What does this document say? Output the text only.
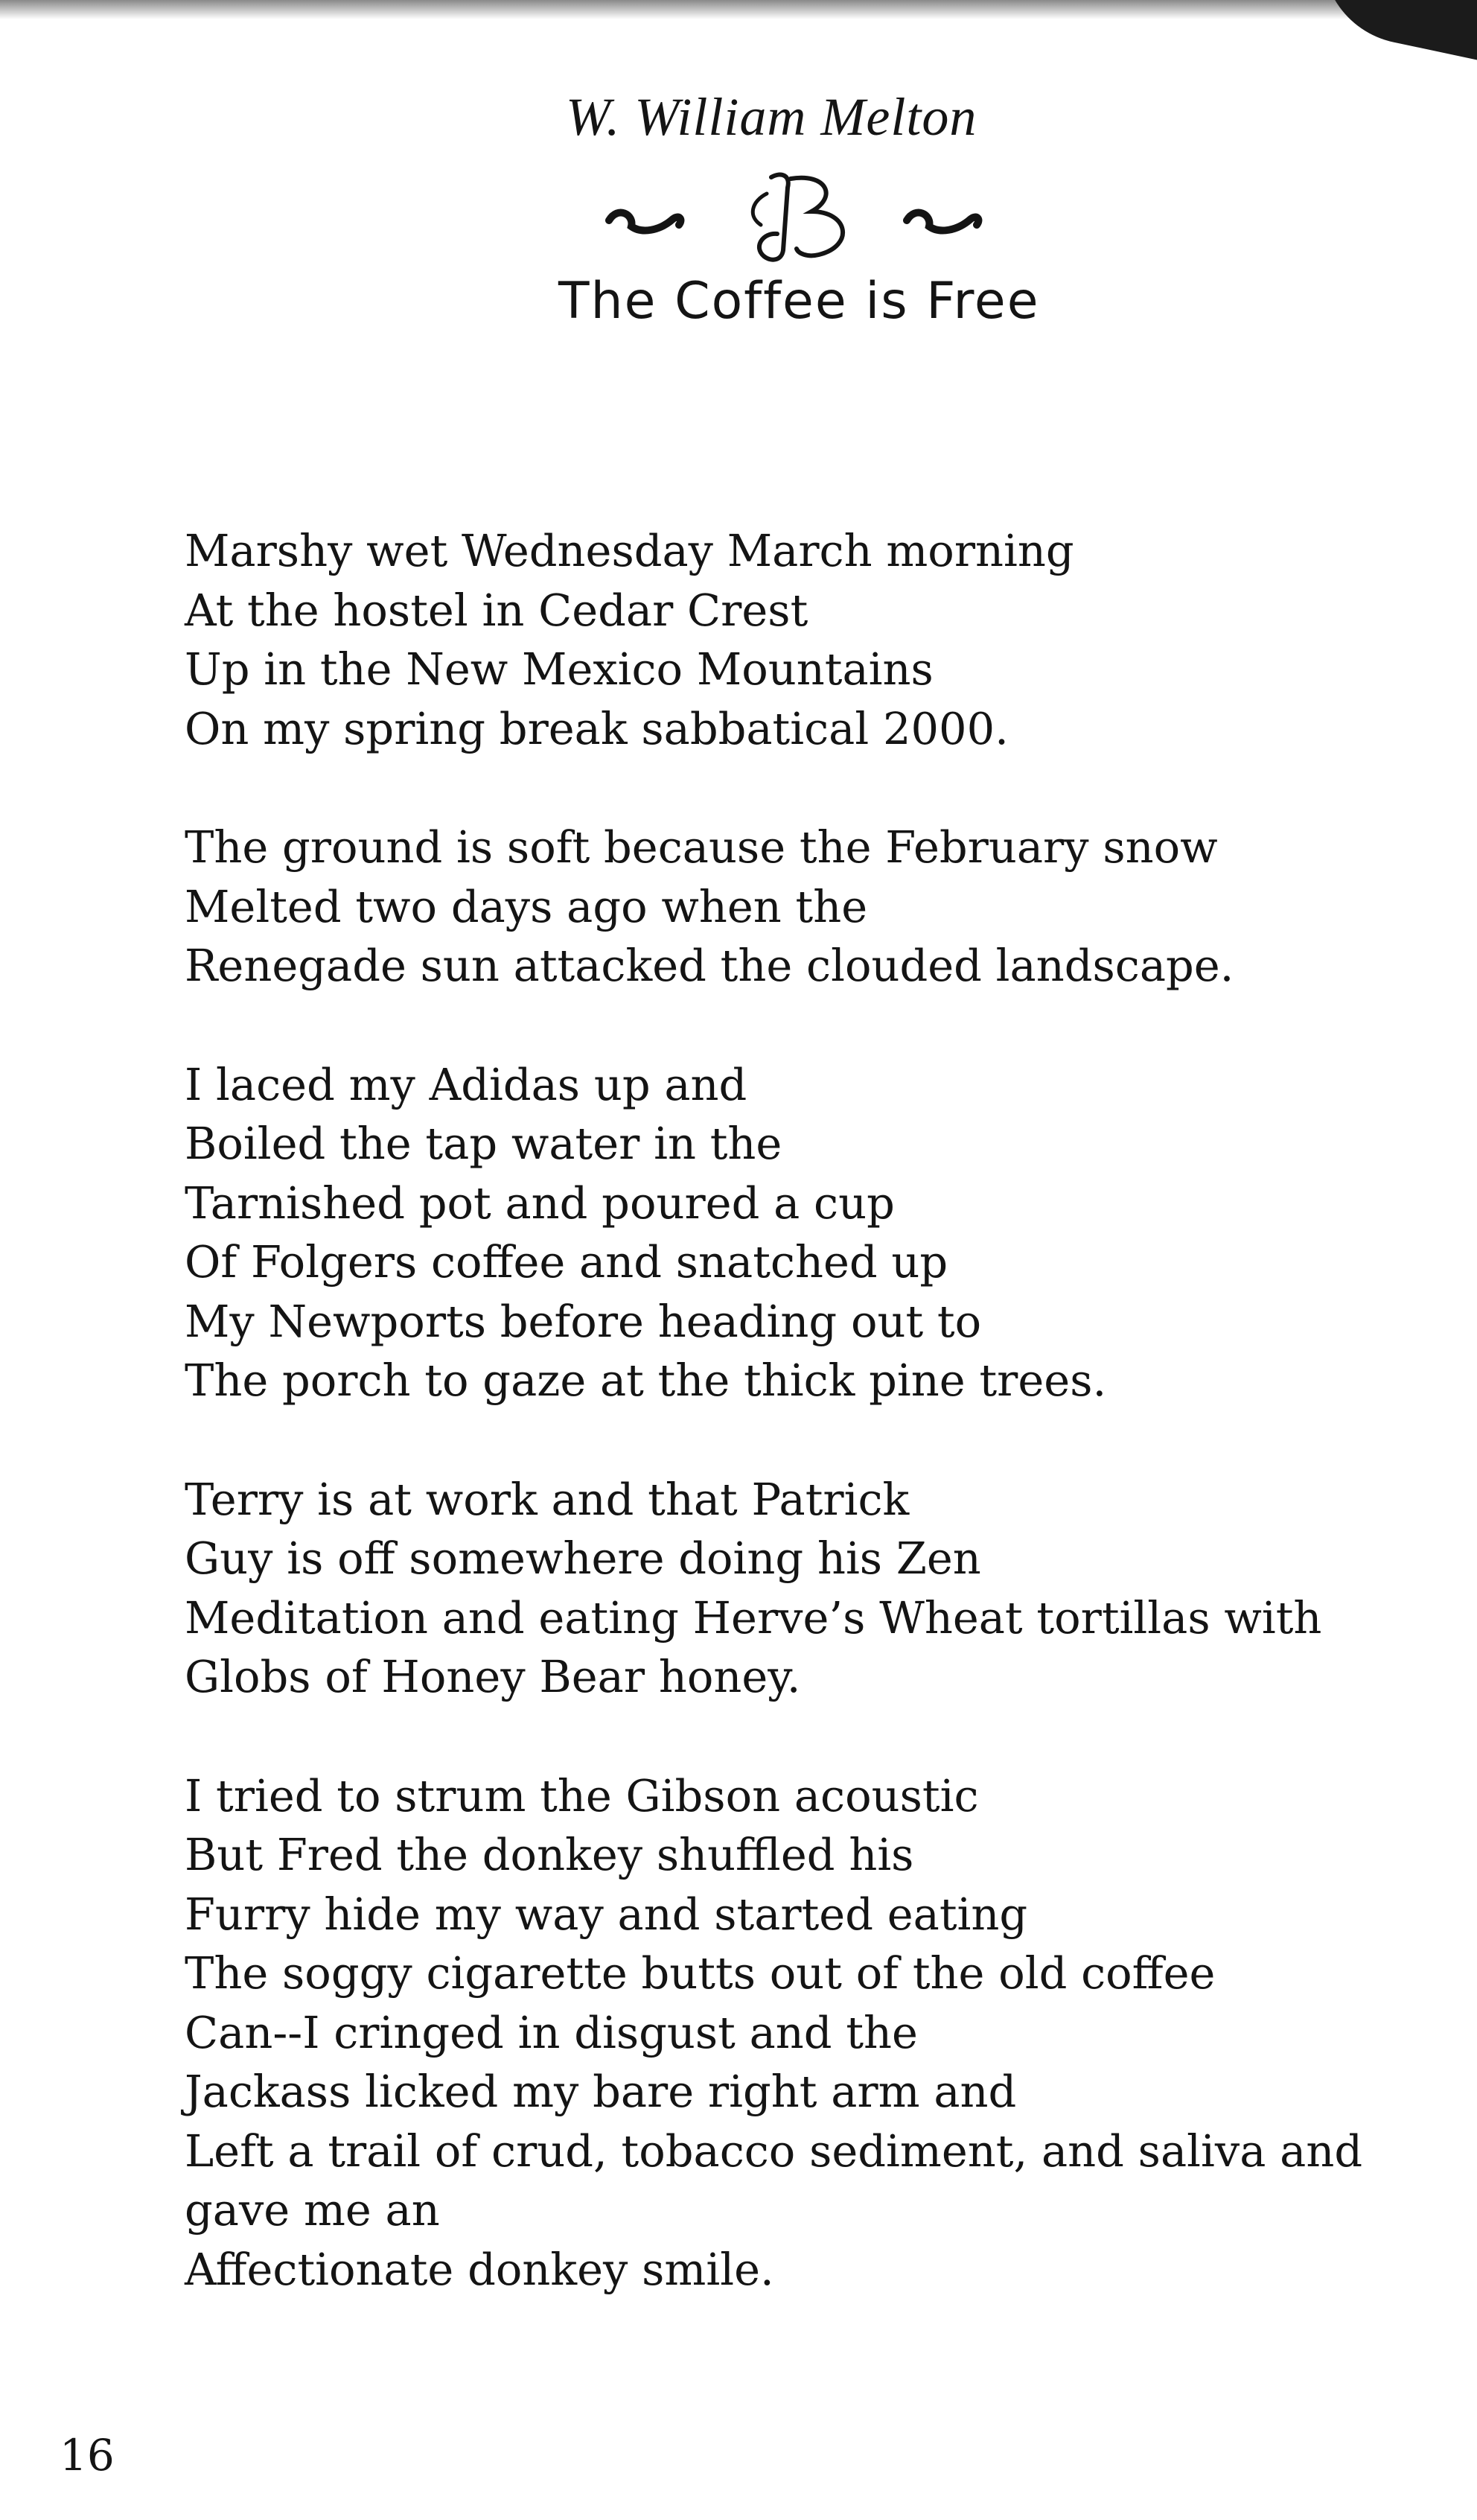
W. William Melton
The Coffee is Free
Marshy wet Wednesday March morning
At the hostel in Cedar Crest
Up in the New Mexico Mountains
On my spring break sabbatical 2000.
The ground is soft because the February snow
Melted two days ago when the
Renegade sun attacked the clouded landscape.
I laced my Adidas up and
Boiled the tap water in the
Tarnished pot and poured a cup
Of Folgers coffee and snatched up
My Newports before heading out to
The porch to gaze at the thick pine trees.
Terry is at work and that Patrick
Guy is off somewhere doing his Zen
Meditation and eating Herve’s Wheat tortillas with
Globs of Honey Bear honey.
I tried to strum the Gibson acoustic
But Fred the donkey shuffled his
Furry hide my way and started eating
The soggy cigarette butts out of the old coffee
Can--I cringed in disgust and the
Jackass licked my bare right arm and
Left a trail of crud, tobacco sediment, and saliva and
gave me an
Affectionate donkey smile.
16
